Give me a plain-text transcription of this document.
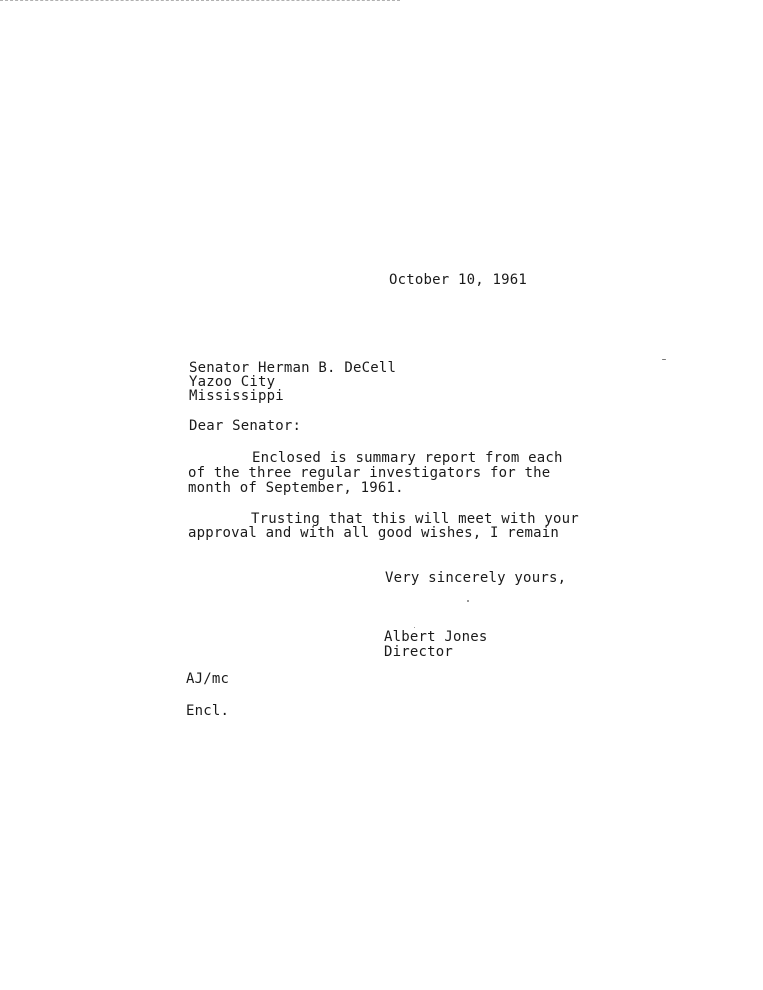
October 10, 1961
Senator Herman B. DeCell
Yazoo City
Mississippi
Dear Senator:
Enclosed is summary report from each
of the three regular investigators for the
month of September, 1961.
Trusting that this will meet with your
approval and with all good wishes, I remain
Very sincerely yours,
Albert Jones
Director
AJ/mc
Encl.
